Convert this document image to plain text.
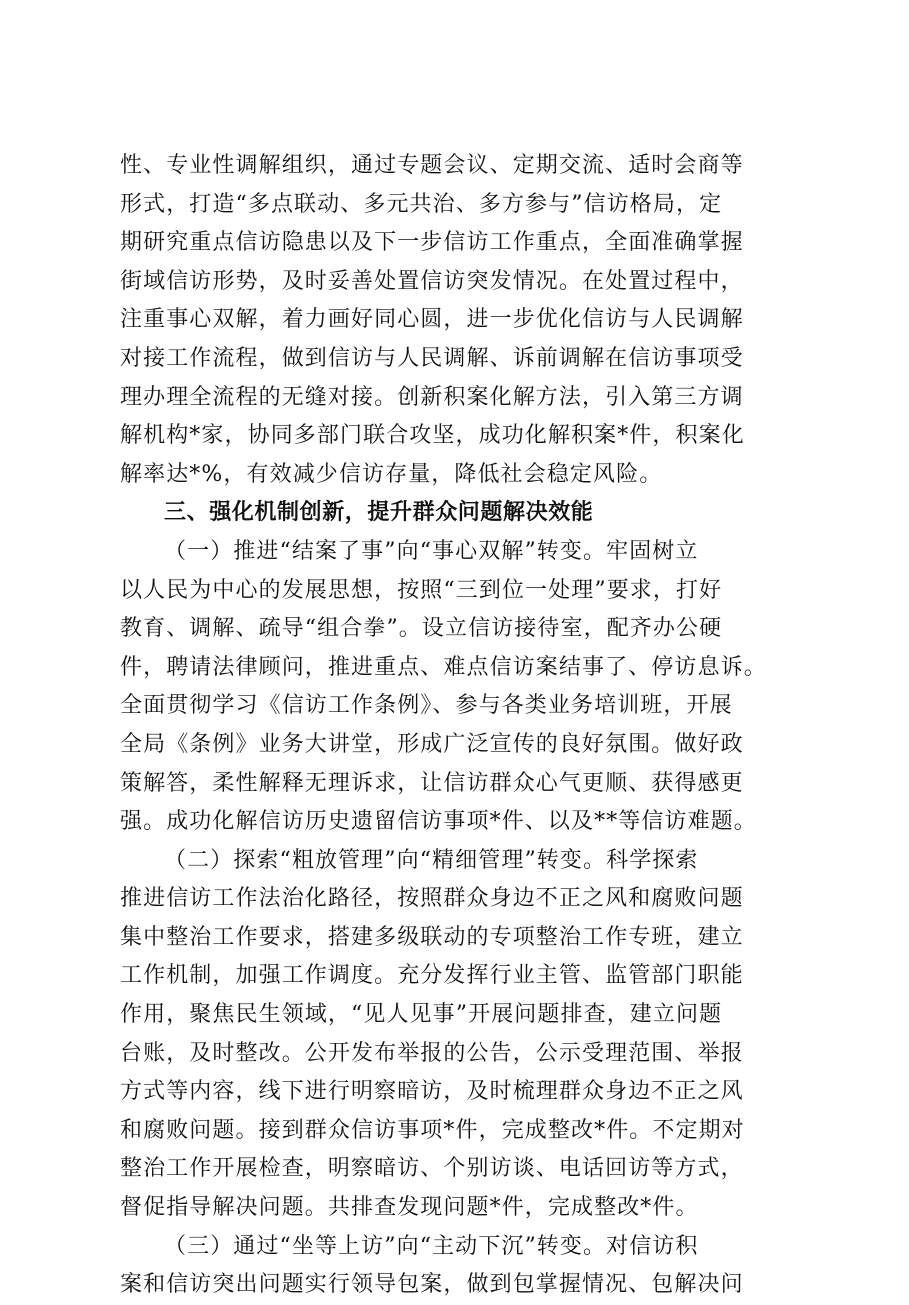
性、专业性调解组织，通过专题会议、定期交流、适时会商等
形式，打造“多点联动、多元共治、多方参与”信访格局，定
期研究重点信访隐患以及下一步信访工作重点，全面准确掌握
街域信访形势，及时妥善处置信访突发情况。在处置过程中，
注重事心双解，着力画好同心圆，进一步优化信访与人民调解
对接工作流程，做到信访与人民调解、诉前调解在信访事项受
理办理全流程的无缝对接。创新积案化解方法，引入第三方调
解机构*家，协同多部门联合攻坚，成功化解积案*件，积案化
解率达*%，有效减少信访存量，降低社会稳定风险。
三、强化机制创新，提升群众问题解决效能
（一）推进“结案了事”向“事心双解”转变。牢固树立
以人民为中心的发展思想，按照“三到位一处理”要求，打好
教育、调解、疏导“组合拳”。设立信访接待室，配齐办公硬
件，聘请法律顾问，推进重点、难点信访案结事了、停访息诉。
全面贯彻学习《信访工作条例》、参与各类业务培训班，开展
全局《条例》业务大讲堂，形成广泛宣传的良好氛围。做好政
策解答，柔性解释无理诉求，让信访群众心气更顺、获得感更
强。成功化解信访历史遗留信访事项*件、以及**等信访难题。
（二）探索“粗放管理”向“精细管理”转变。科学探索
推进信访工作法治化路径，按照群众身边不正之风和腐败问题
集中整治工作要求，搭建多级联动的专项整治工作专班，建立
工作机制，加强工作调度。充分发挥行业主管、监管部门职能
作用，聚焦民生领域，“见人见事”开展问题排查，建立问题
台账，及时整改。公开发布举报的公告，公示受理范围、举报
方式等内容，线下进行明察暗访，及时梳理群众身边不正之风
和腐败问题。接到群众信访事项*件，完成整改*件。不定期对
整治工作开展检查，明察暗访、个别访谈、电话回访等方式，
督促指导解决问题。共排查发现问题*件，完成整改*件。
（三）通过“坐等上访”向“主动下沉”转变。对信访积
案和信访突出问题实行领导包案，做到包掌握情况、包解决问
